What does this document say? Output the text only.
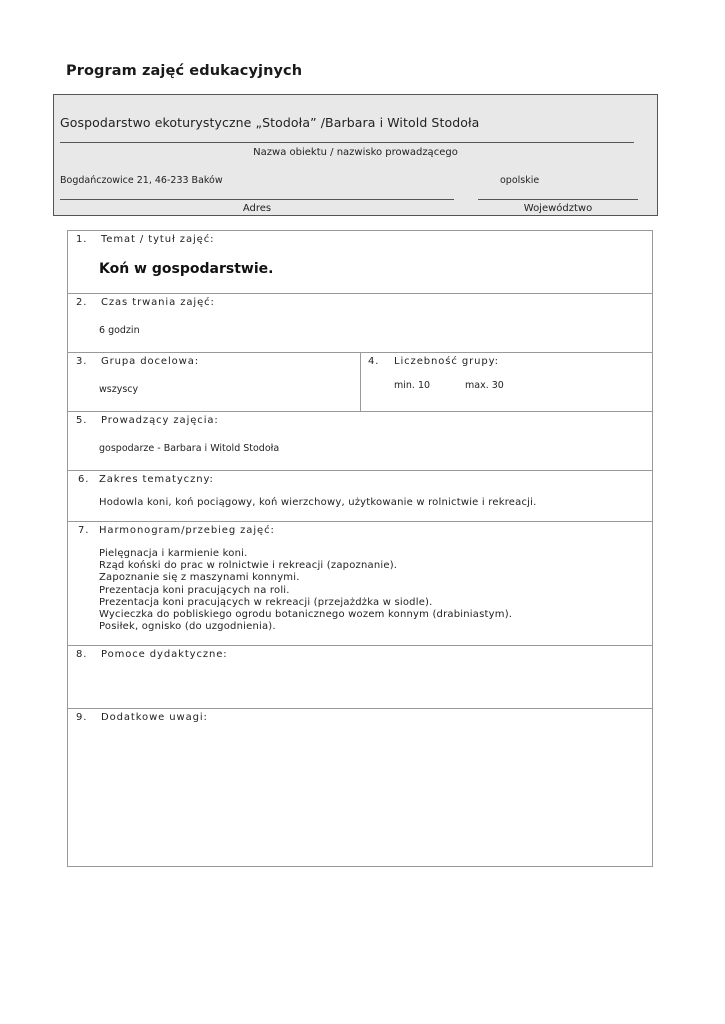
Program zajęć edukacyjnych
Gospodarstwo ekoturystyczne „Stodoła” /Barbara i Witold Stodoła
Nazwa obiektu / nazwisko prowadzącego
Bogdańczowice 21, 46-233 Baków	opolskie
Adres	Województwo
1. Temat / tytuł zajęć:
Koń w gospodarstwie.
2. Czas trwania zajęć:
6 godzin
3. Grupa docelowa:
wszyscy
4. Liczebność grupy:
min. 10	max. 30
5. Prowadzący zajęcia:
gospodarze - Barbara i Witold Stodoła
6. Zakres tematyczny:
Hodowla koni, koń pociągowy, koń wierzchowy, użytkowanie w rolnictwie i rekreacji.
7. Harmonogram/przebieg zajęć:
Pielęgnacja i karmienie koni.
Rząd koński do prac w rolnictwie i rekreacji (zapoznanie).
Zapoznanie się z maszynami konnymi.
Prezentacja koni pracujących na roli.
Prezentacja koni pracujących w rekreacji (przejażdżka w siodle).
Wycieczka do pobliskiego ogrodu botanicznego wozem konnym (drabiniastym).
Posiłek, ognisko (do uzgodnienia).
8. Pomoce dydaktyczne:
9. Dodatkowe uwagi:
